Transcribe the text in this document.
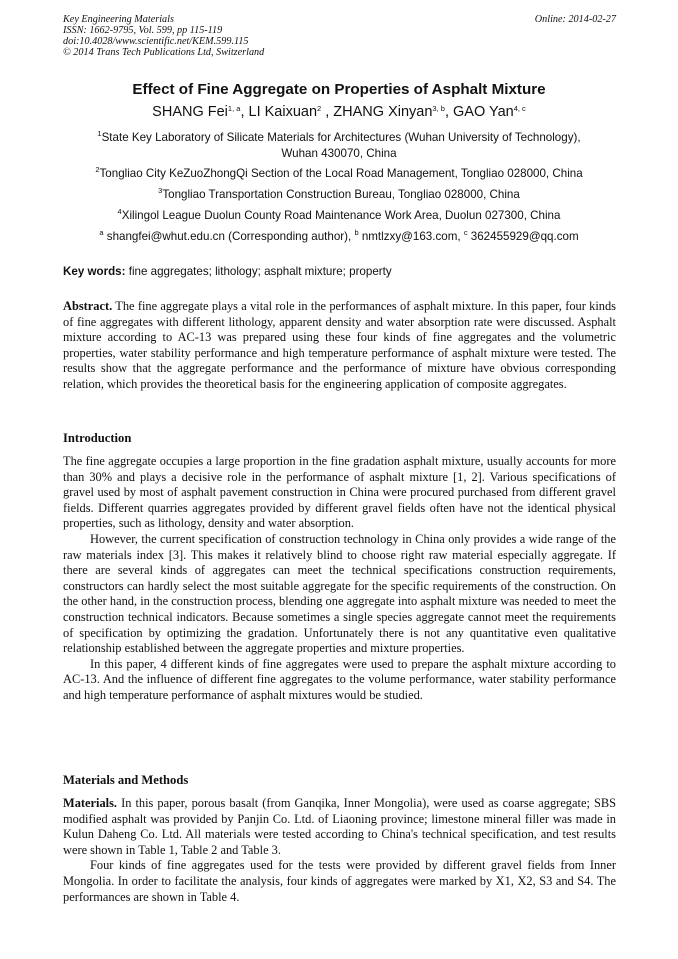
Key Engineering Materials
ISSN: 1662-9795, Vol. 599, pp 115-119
doi:10.4028/www.scientific.net/KEM.599.115
© 2014 Trans Tech Publications Ltd, Switzerland
Online: 2014-02-27
Effect of Fine Aggregate on Properties of Asphalt Mixture
SHANG Fei$^{1, a}$, LI Kaixuan$^2$ , ZHANG Xinyan$^{3, b}$, GAO Yan$^{4, c}$
$^1$State Key Laboratory of Silicate Materials for Architectures (Wuhan University of Technology),
Wuhan 430070, China
$^2$Tongliao City KeZuoZhongQi Section of the Local Road Management, Tongliao 028000, China
$^3$Tongliao Transportation Construction Bureau, Tongliao 028000, China
$^4$Xilingol League Duolun County Road Maintenance Work Area, Duolun 027300, China
$^a$ shangfei@whut.edu.cn (Corresponding author), $^b$ nmtlzxy@163.com, $^c$ 362455929@qq.com
Key words: fine aggregates; lithology; asphalt mixture; property

Abstract. The fine aggregate plays a vital role in the performances of asphalt mixture. In this paper, four kinds of fine aggregates with different lithology, apparent density and water absorption rate were discussed. Asphalt mixture according to AC-13 was prepared using these four kinds of fine aggregates and the volumetric properties, water stability performance and high temperature performance of asphalt mixture were tested. The results show that the aggregate performance and the performance of mixture have obvious corresponding relation, which provides the theoretical basis for the engineering application of composite aggregates.

Introduction

The fine aggregate occupies a large proportion in the fine gradation asphalt mixture, usually accounts for more than 30% and plays a decisive role in the performance of asphalt mixture [1, 2]. Various specifications of gravel used by most of asphalt pavement construction in China were procured purchased from different gravel fields. Different quarries aggregates provided by different gravel fields often have not the identical physical properties, such as lithology, density and water absorption.

However, the current specification of construction technology in China only provides a wide range of the raw materials index [3]. This makes it relatively blind to choose right raw material especially aggregate. If there are several kinds of aggregates can meet the technical specifications construction requirements, constructors can hardly select the most suitable aggregate for the specific requirements of the construction. On the other hand, in the construction process, blending one aggregate into asphalt mixture was needed to meet the construction technical indicators. Because sometimes a single species aggregate cannot meet the requirements of specification by optimizing the gradation. Unfortunately there is not any quantitative even qualitative relationship established between the aggregate properties and mixture properties.

In this paper, 4 different kinds of fine aggregates were used to prepare the asphalt mixture according to AC-13. And the influence of different fine aggregates to the volume performance, water stability performance and high temperature performance of asphalt mixtures would be studied.

Materials and Methods

Materials. In this paper, porous basalt (from Ganqika, Inner Mongolia), were used as coarse aggregate; SBS modified asphalt was provided by Panjin Co. Ltd. of Liaoning province; limestone mineral filler was made in Kulun Daheng Co. Ltd. All materials were tested according to China's technical specification, and test results were shown in Table 1, Table 2 and Table 3.

Four kinds of fine aggregates used for the tests were provided by different gravel fields from Inner Mongolia. In order to facilitate the analysis, four kinds of aggregates were marked by X1, X2, S3 and S4. The performances are shown in Table 4.
